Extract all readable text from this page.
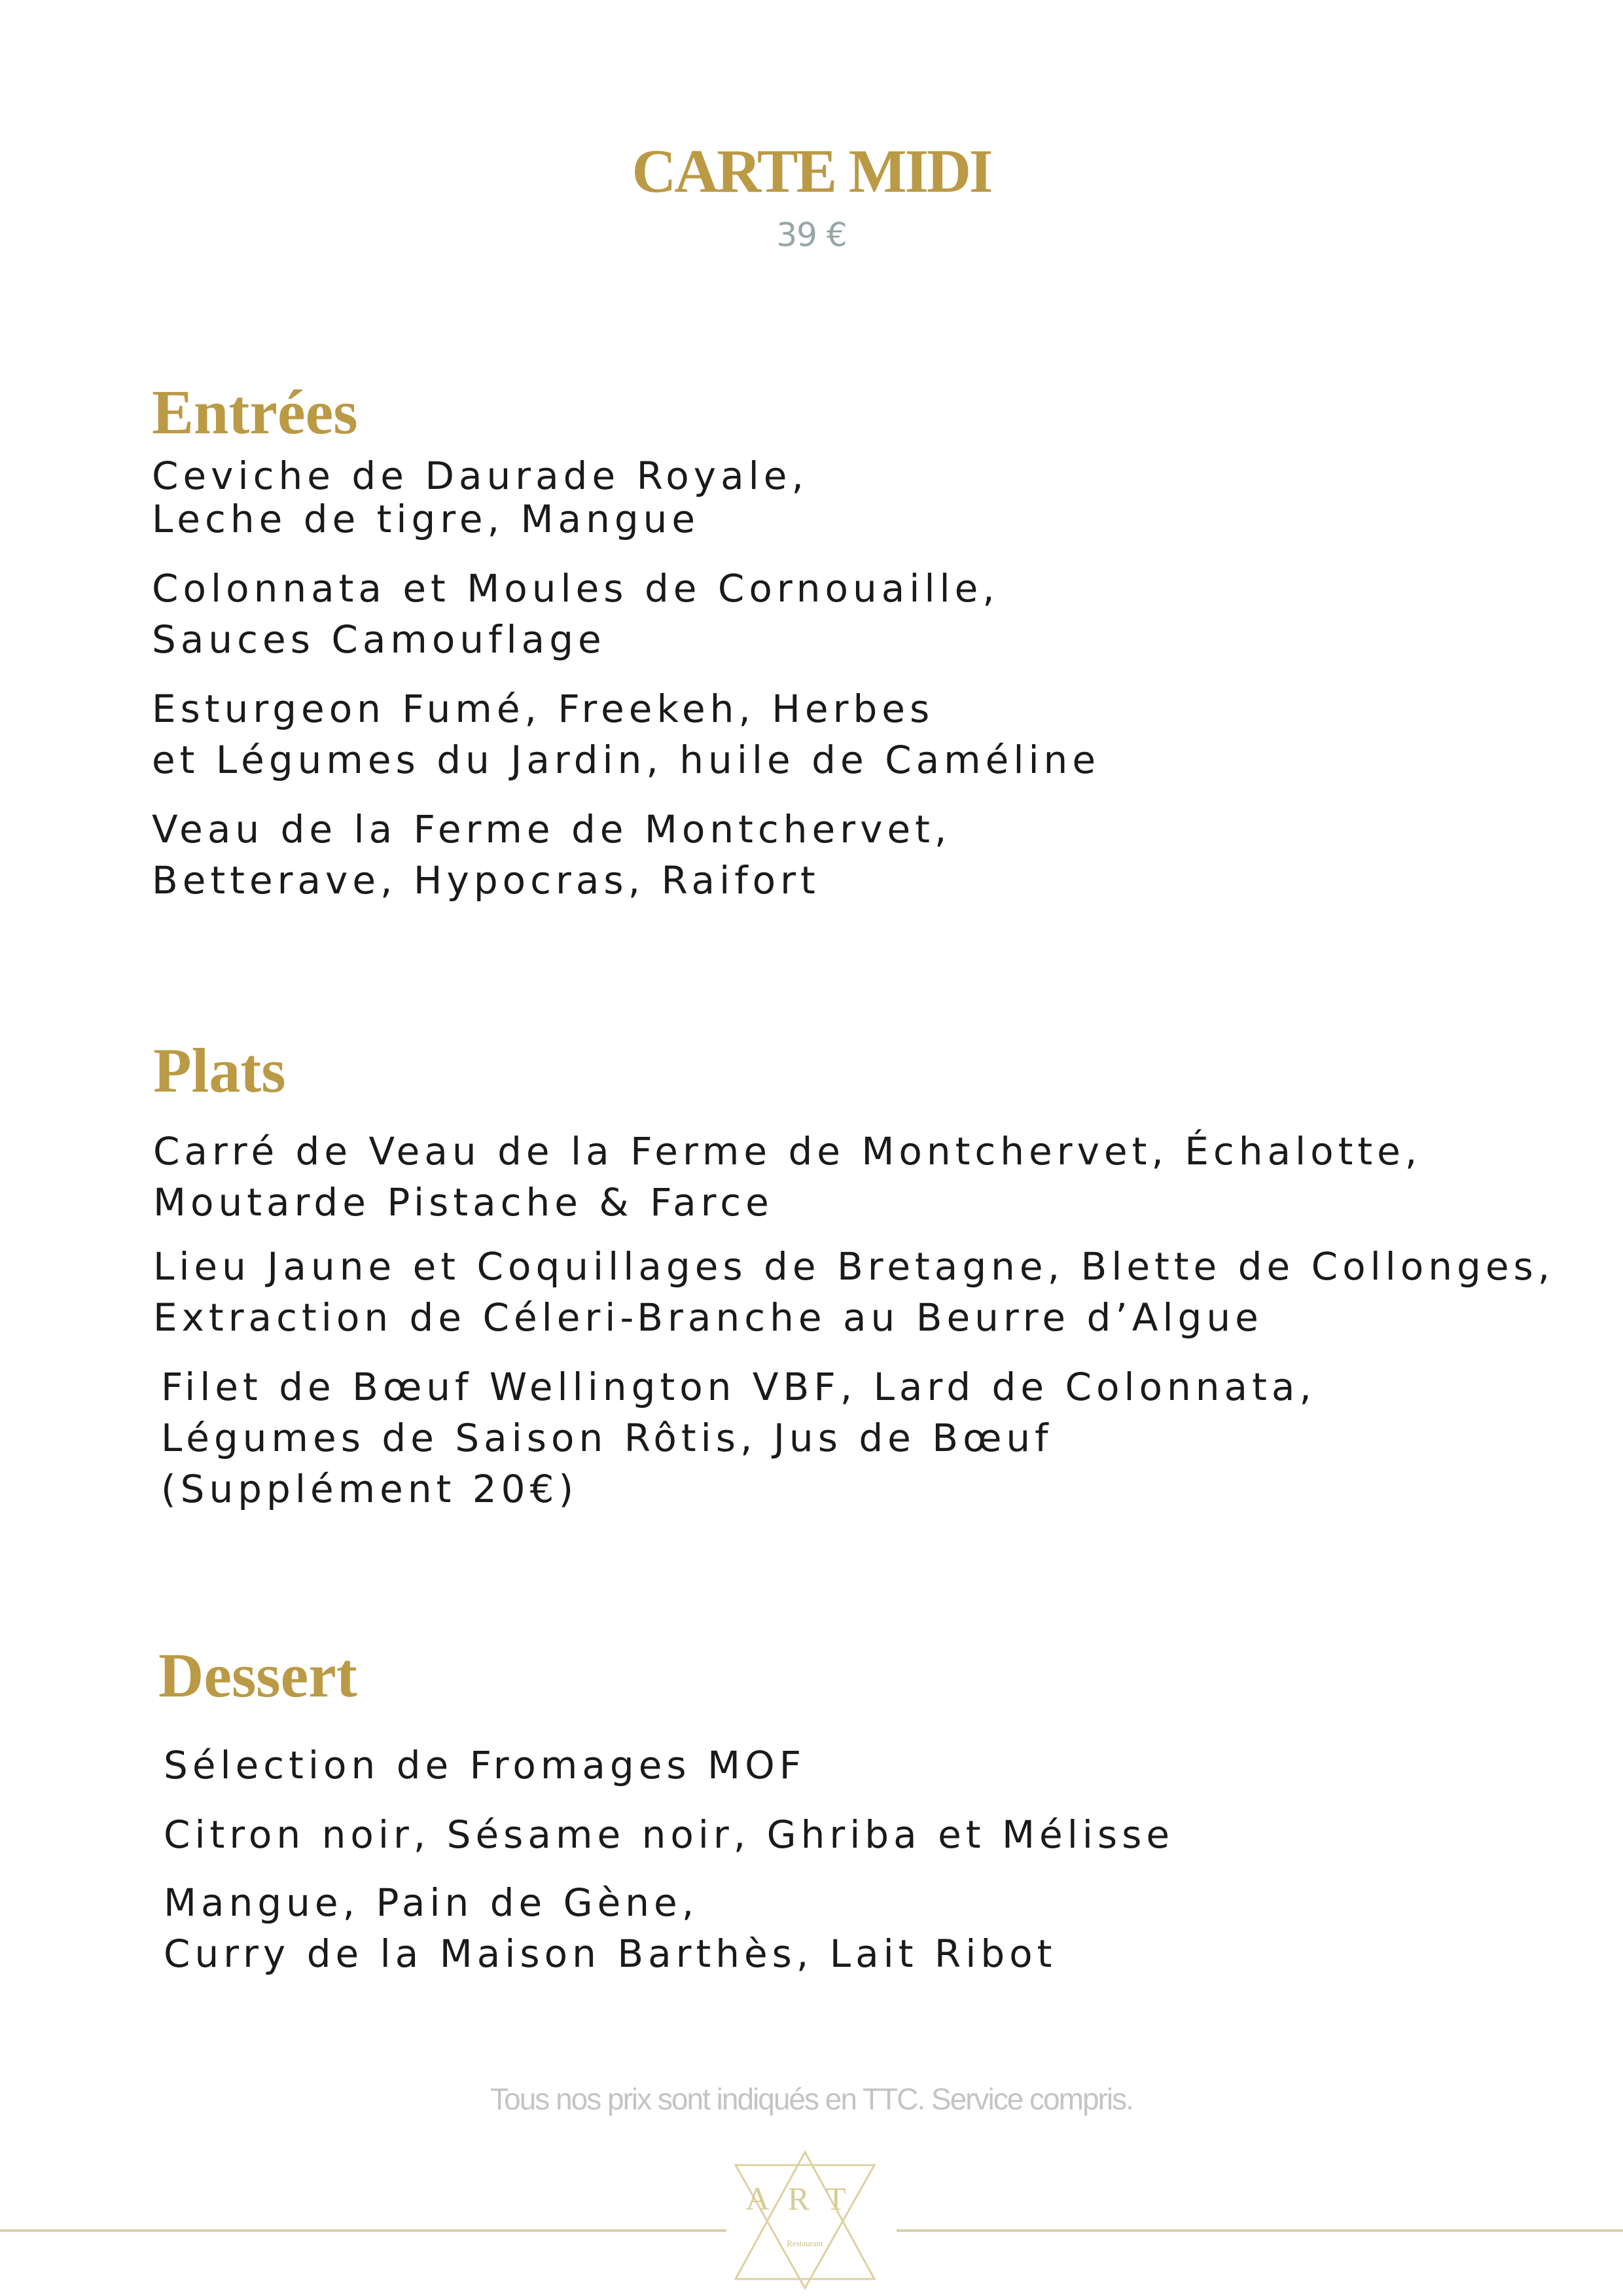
CARTE MIDI
39 €
Entrées
Ceviche de Daurade Royale,
Leche de tigre, Mangue
Colonnata et Moules de Cornouaille,
Sauces Camouflage
Esturgeon Fumé, Freekeh, Herbes
et Légumes du Jardin, huile de Caméline
Veau de la Ferme de Montchervet,
Betterave, Hypocras, Raifort
Plats
Carré de Veau de la Ferme de Montchervet, Échalotte,
Moutarde Pistache & Farce
Lieu Jaune et Coquillages de Bretagne, Blette de Collonges,
Extraction de Céleri-Branche au Beurre d’Algue
Filet de Bœuf Wellington VBF, Lard de Colonnata,
Légumes de Saison Rôtis, Jus de Bœuf
(Supplément 20€)
Dessert
Sélection de Fromages MOF
Citron noir, Sésame noir, Ghriba et Mélisse
Mangue, Pain de Gène,
Curry de la Maison Barthès, Lait Ribot
Tous nos prix sont indiqués en TTC. Service compris.
ART
Restaurant
